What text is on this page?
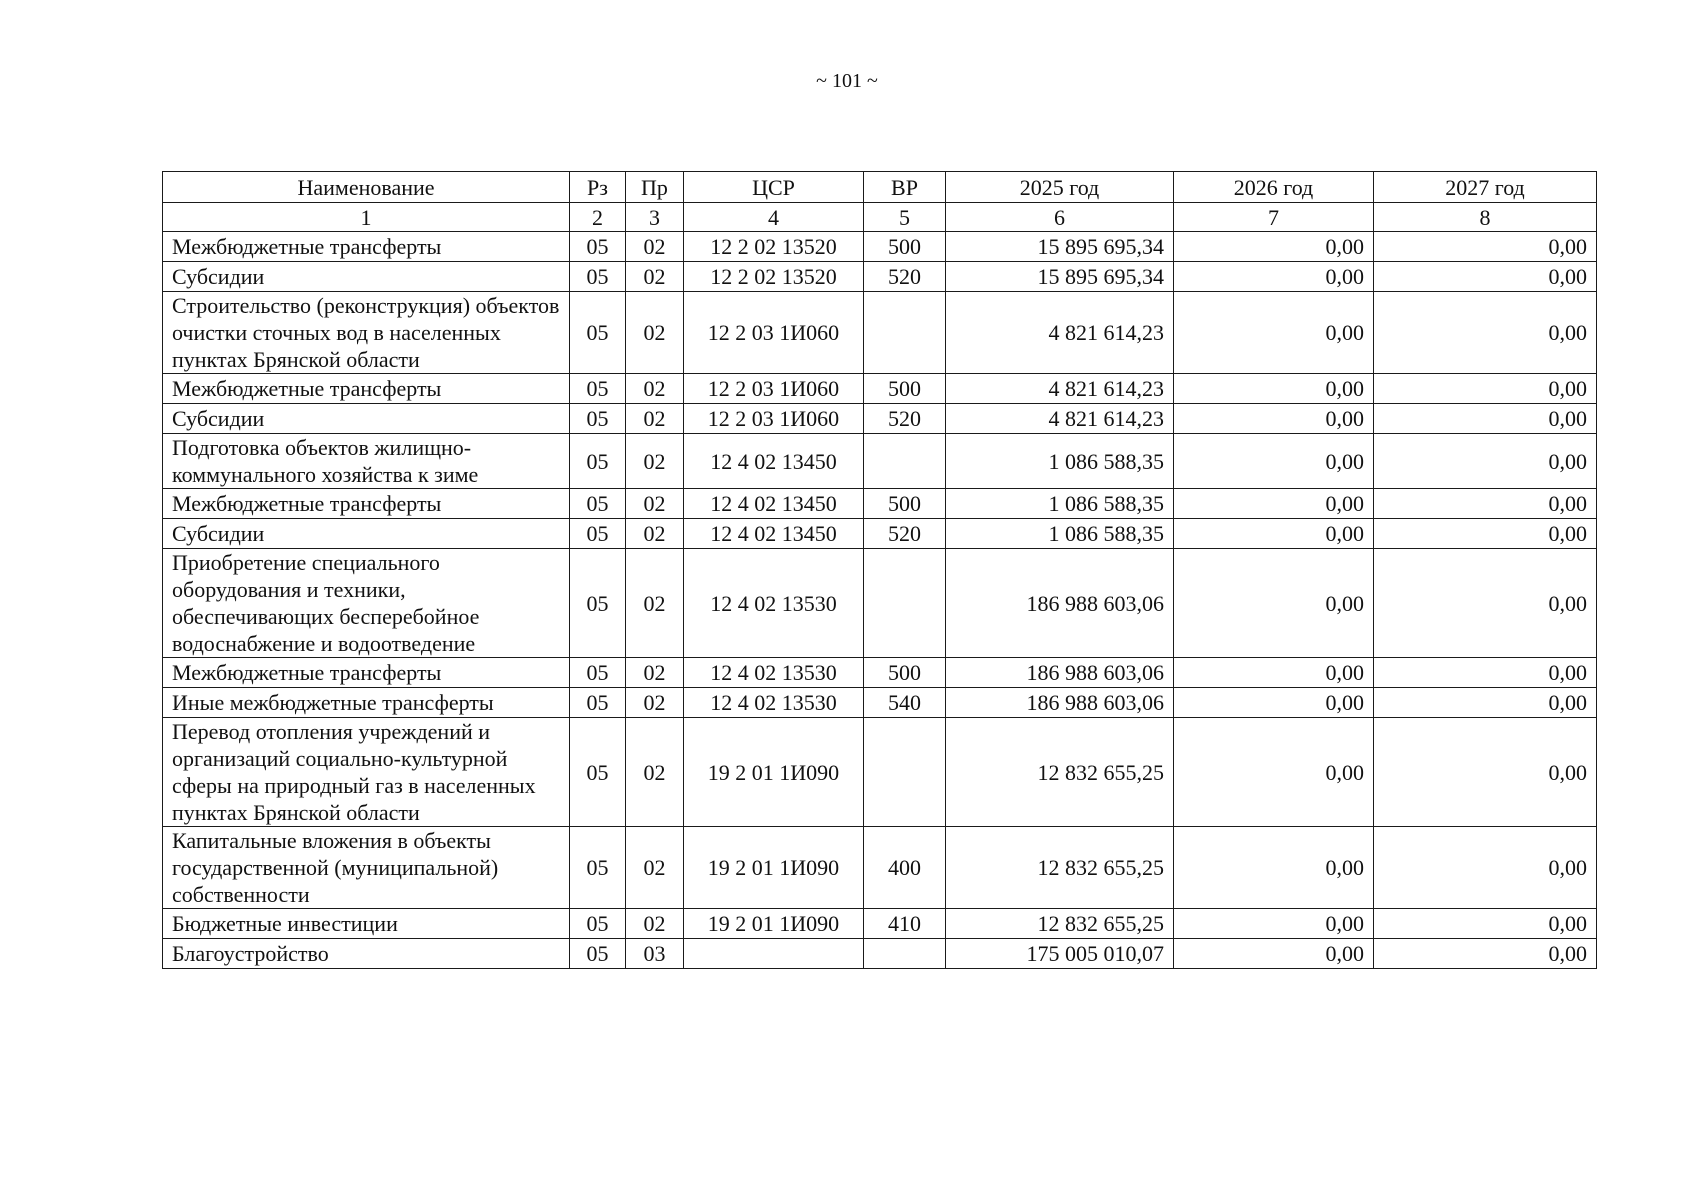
~ 101 ~
Наименование	Рз	Пр	ЦСР	ВР	2025 год	2026 год	2027 год
1	2	3	4	5	6	7	8
Межбюджетные трансферты	05	02	12 2 02 13520	500	15 895 695,34	0,00	0,00
Субсидии	05	02	12 2 02 13520	520	15 895 695,34	0,00	0,00
Строительство (реконструкция) объектов очистки сточных вод в населенных пунктах Брянской области	05	02	12 2 03 1И060		4 821 614,23	0,00	0,00
Межбюджетные трансферты	05	02	12 2 03 1И060	500	4 821 614,23	0,00	0,00
Субсидии	05	02	12 2 03 1И060	520	4 821 614,23	0,00	0,00
Подготовка объектов жилищно-коммунального хозяйства к зиме	05	02	12 4 02 13450		1 086 588,35	0,00	0,00
Межбюджетные трансферты	05	02	12 4 02 13450	500	1 086 588,35	0,00	0,00
Субсидии	05	02	12 4 02 13450	520	1 086 588,35	0,00	0,00
Приобретение специального оборудования и техники, обеспечивающих бесперебойное водоснабжение и водоотведение	05	02	12 4 02 13530		186 988 603,06	0,00	0,00
Межбюджетные трансферты	05	02	12 4 02 13530	500	186 988 603,06	0,00	0,00
Иные межбюджетные трансферты	05	02	12 4 02 13530	540	186 988 603,06	0,00	0,00
Перевод отопления учреждений и организаций социально-культурной сферы на природный газ в населенных пунктах Брянской области	05	02	19 2 01 1И090		12 832 655,25	0,00	0,00
Капитальные вложения в объекты государственной (муниципальной) собственности	05	02	19 2 01 1И090	400	12 832 655,25	0,00	0,00
Бюджетные инвестиции	05	02	19 2 01 1И090	410	12 832 655,25	0,00	0,00
Благоустройство	05	03			175 005 010,07	0,00	0,00
